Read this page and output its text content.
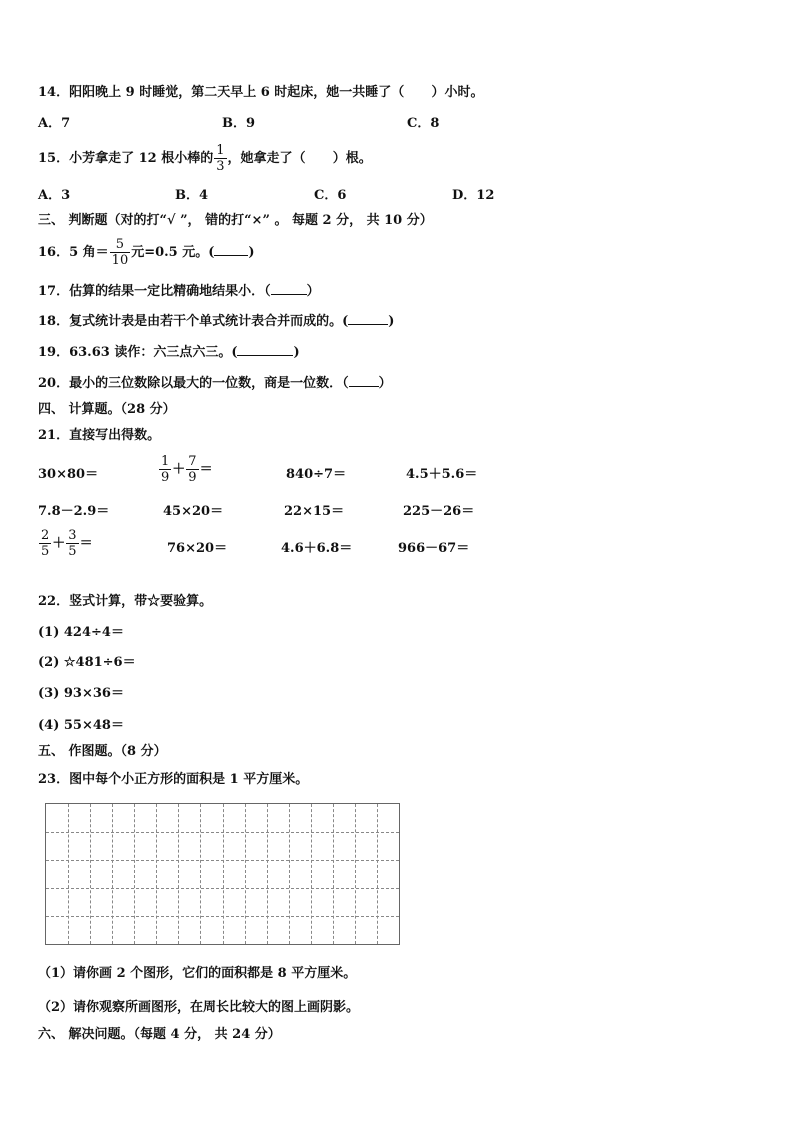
14．阳阳晚上 9 时睡觉，第二天早上 6 时起床，她一共睡了（ ）小时。
A．7	B．9	C．8
15．小芳拿走了 12 根小棒的 $\frac{1}{3}$ ，她拿走了（ ）根。
A．3	B．4	C．6	D．12
三、 判断题（对的打“√ ”， 错的打“×” 。 每题 2 分， 共 10 分）
16．5 角＝ $\frac{5}{10}$ 元=0.5 元。(	)
17．估算的结果一定比精确地结果小．（	）
18．复式统计表是由若干个单式统计表合并而成的。(	)
19．63.63 读作：六三点六三。(	)
20．最小的三位数除以最大的一位数，商是一位数．（ ）
四、 计算题。（28 分）
21．直接写出得数。
30×80＝	$\frac{1}{9} + \frac{7}{9}$ ＝	840÷7＝	4.5＋5.6＝
7.8－2.9＝	45×20＝	22×15＝	225－26＝
$\frac{2}{5} + \frac{3}{5}$ ＝	76×20＝	4.6＋6.8＝	966－67＝
22．竖式计算，带☆要验算。
(1) 424÷4＝
(2) ☆481÷6＝
(3) 93×36＝
(4) 55×48＝
五、 作图题。（8 分）
23．图中每个小正方形的面积是 1 平方厘米。
（1）请你画 2 个图形，它们的面积都是 8 平方厘米。
（2）请你观察所画图形，在周长比较大的图上画阴影。
六、 解决问题。（每题 4 分， 共 24 分）
